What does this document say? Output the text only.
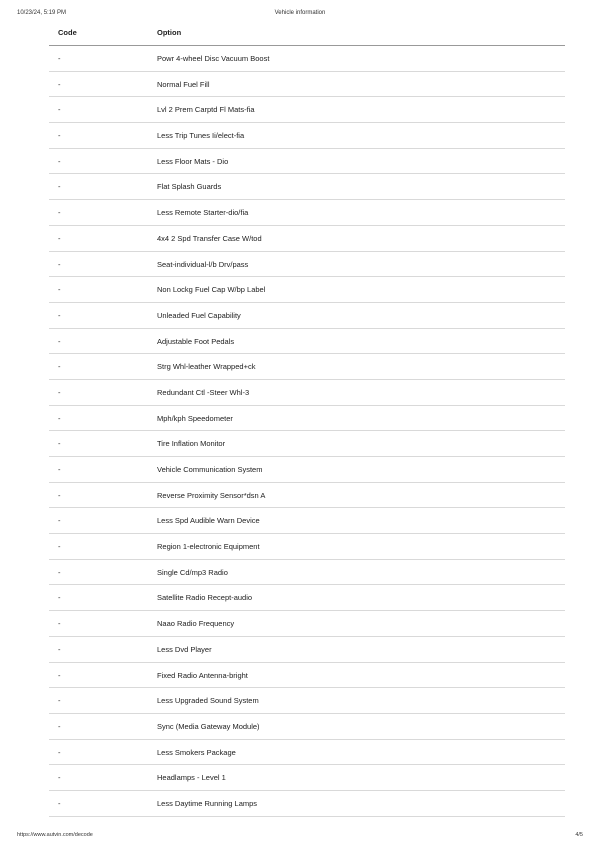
10/23/24, 5:19 PM	Vehicle information
Code	Option
-	Powr 4-wheel Disc Vacuum Boost
-	Normal Fuel Fill
-	Lvl 2 Prem Carptd Fl Mats-fia
-	Less Trip Tunes Ii/elect-fia
-	Less Floor Mats - Dio
-	Flat Splash Guards
-	Less Remote Starter-dio/fia
-	4x4 2 Spd Transfer Case W/tod
-	Seat-individual-l/b Drv/pass
-	Non Lockg Fuel Cap W/bp Label
-	Unleaded Fuel Capability
-	Adjustable Foot Pedals
-	Strg Whl-leather Wrapped+ck
-	Redundant Ctl -Steer Whl-3
-	Mph/kph Speedometer
-	Tire Inflation Monitor
-	Vehicle Communication System
-	Reverse Proximity Sensor*dsn A
-	Less Spd Audible Warn Device
-	Region 1-electronic Equipment
-	Single Cd/mp3 Radio
-	Satellite Radio Recept-audio
-	Naao Radio Frequency
-	Less Dvd Player
-	Fixed Radio Antenna-bright
-	Less Upgraded Sound System
-	Sync (Media Gateway Module)
-	Less Smokers Package
-	Headlamps - Level 1
-	Less Daytime Running Lamps
https://www.autvin.com/decode	4/5
